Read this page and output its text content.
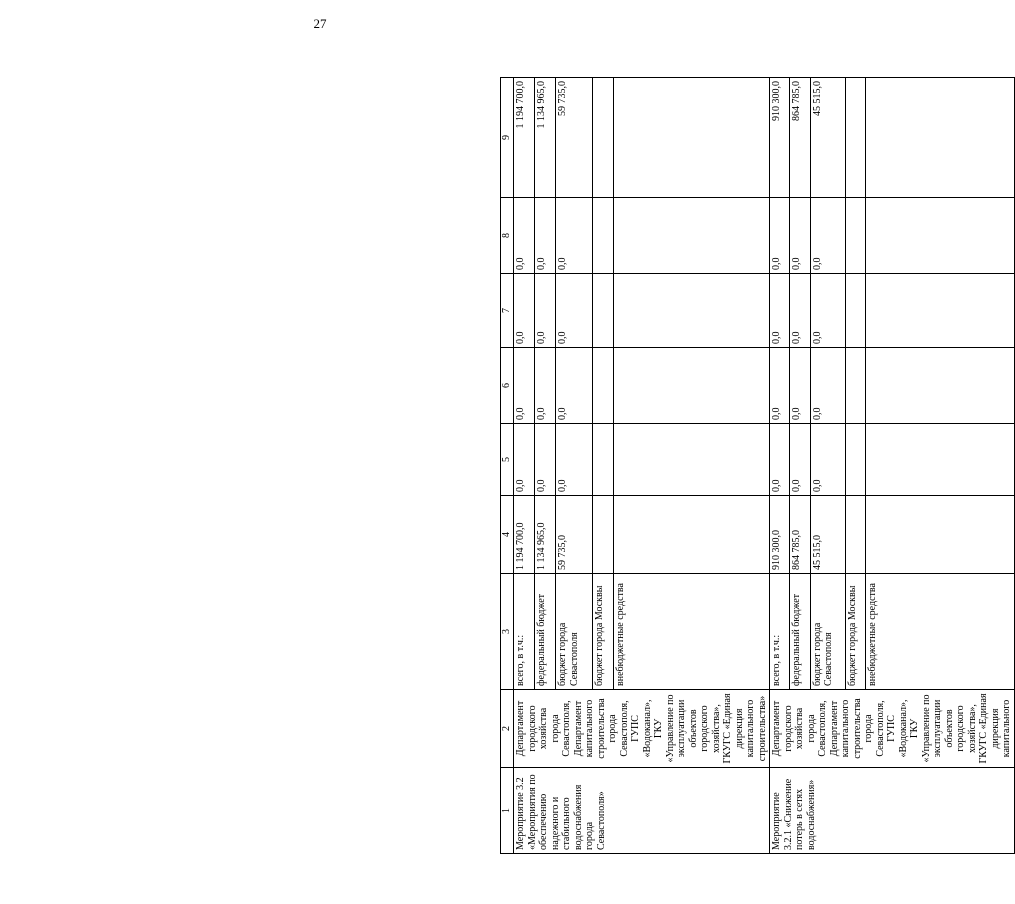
27
1	2	3	4	5	6	7	8	9
Мероприятие 3.2 «Мероприятия по обеспечению надежного и стабильного водоснабжения города Севастополя»	Департамент городского хозяйства города Севастополя, Департамент капитального строительства города Севастополя, ГУПС «Водоканал», ГКУ «Управление по эксплуатации объектов городского хозяйства», ГКУГС «Единая дирекция капитального строительства»	всего, в т.ч.:	1 194 700,0	0,0	0,0	0,0	0,0	1 194 700,0
		федеральный бюджет	1 134 965,0	0,0	0,0	0,0	0,0	1 134 965,0
		бюджет города Севастополя	59 735,0	0,0	0,0	0,0	0,0	59 735,0
		бюджет города Москвы						
		внебюджетные средства						
Мероприятие 3.2.1 «Снижение потерь в сетях водоснабжения»	Департамент городского хозяйства города Севастополя, Департамент капитального строительства города Севастополя, ГУПС «Водоканал», ГКУ «Управление по эксплуатации объектов городского хозяйства», ГКУГС «Единая дирекция капитального	всего, в т.ч.:	910 300,0	0,0	0,0	0,0	0,0	910 300,0
		федеральный бюджет	864 785,0	0,0	0,0	0,0	0,0	864 785,0
		бюджет города Севастополя	45 515,0	0,0	0,0	0,0	0,0	45 515,0
		бюджет города Москвы						
		внебюджетные средства						
